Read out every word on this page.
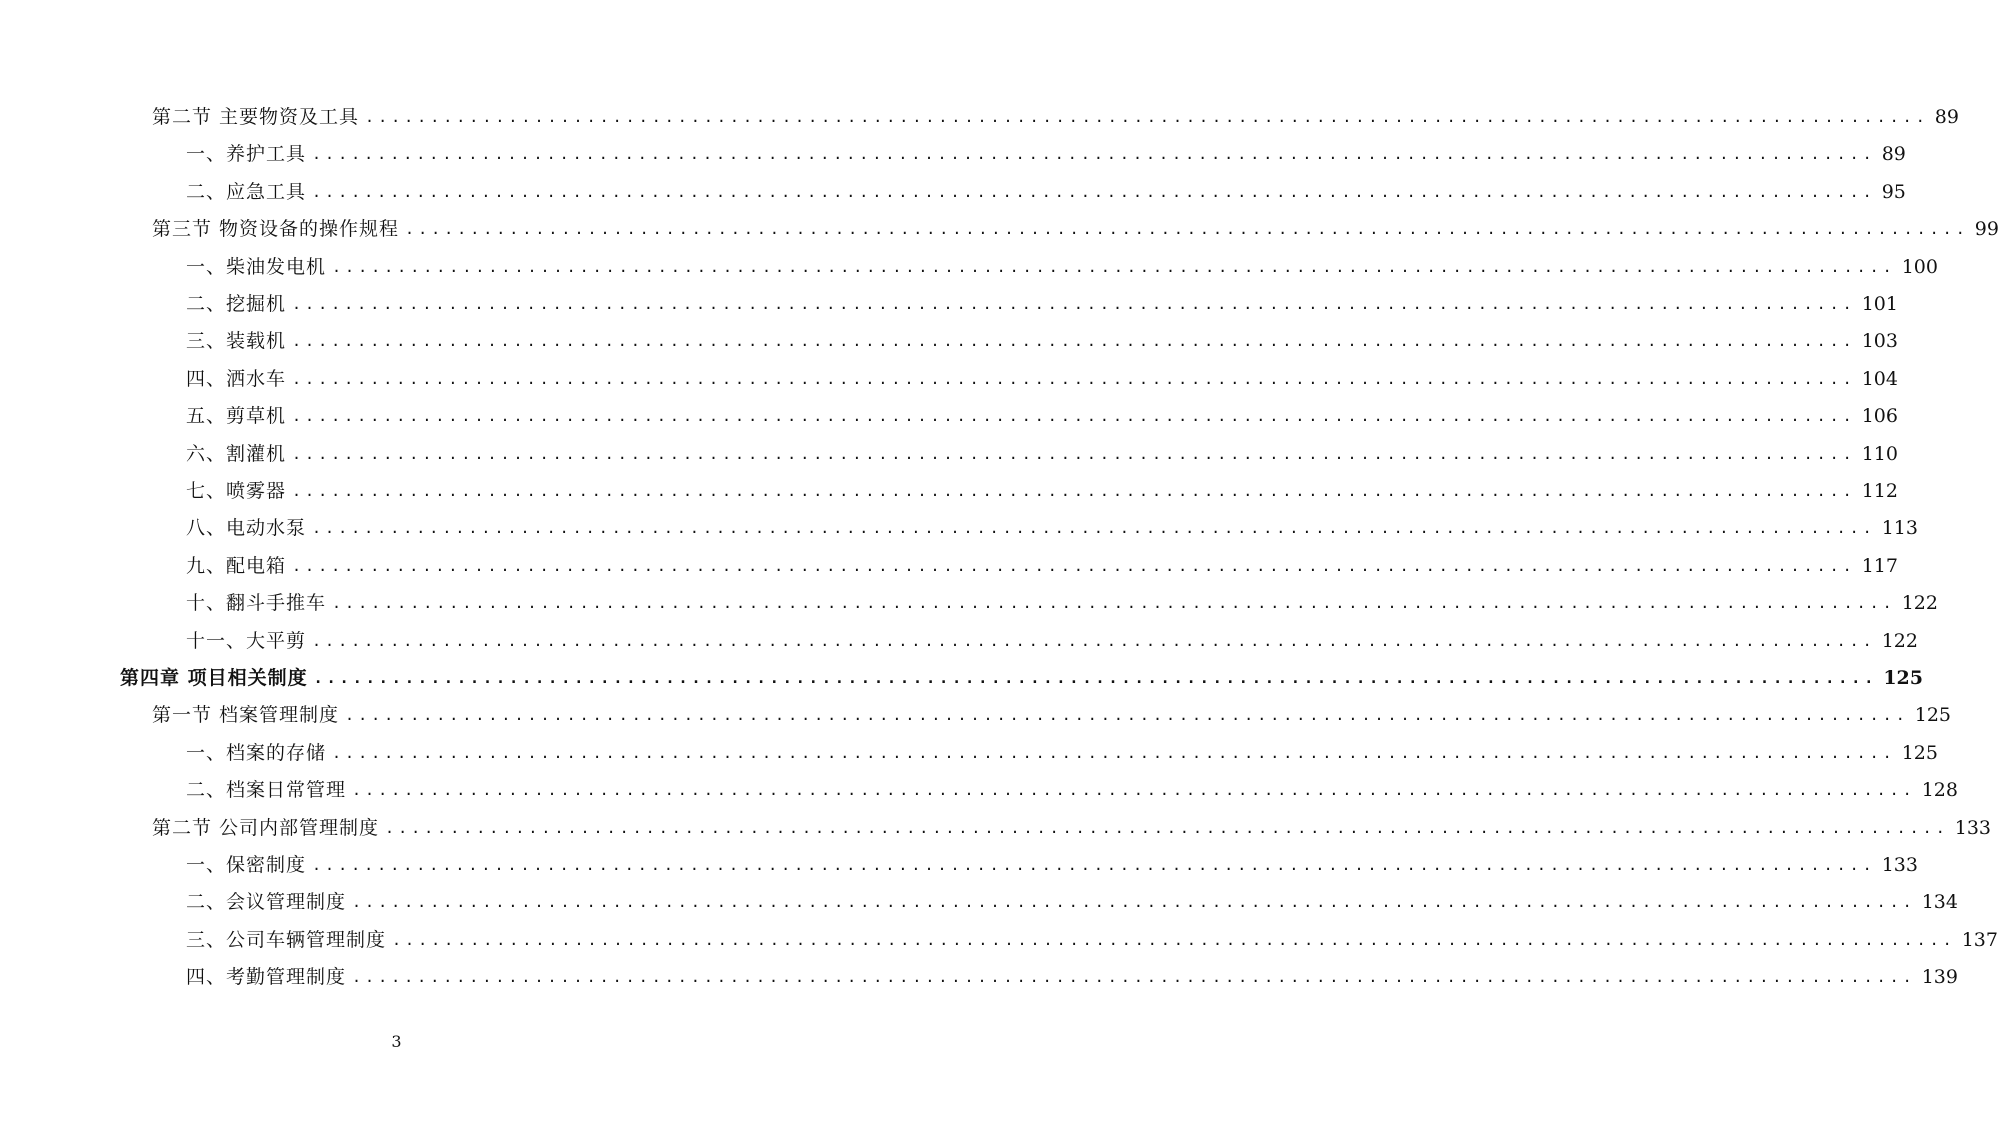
第二节 主要物资及工具 ........................................................................................................................ 89
一、养护工具 ........................................................................................................................ 89
二、应急工具 ........................................................................................................................ 95
第三节 物资设备的操作规程 ........................................................................................................................ 99
一、柴油发电机 ........................................................................................................................ 100
二、挖掘机 ........................................................................................................................ 101
三、装载机 ........................................................................................................................ 103
四、洒水车 ........................................................................................................................ 104
五、剪草机 ........................................................................................................................ 106
六、割灌机 ........................................................................................................................ 110
七、喷雾器 ........................................................................................................................ 112
八、电动水泵 ........................................................................................................................ 113
九、配电箱 ........................................................................................................................ 117
十、翻斗手推车 ........................................................................................................................ 122
十一、大平剪 ........................................................................................................................ 122
第四章 项目相关制度 ........................................................................................................................ 125
第一节 档案管理制度 ........................................................................................................................ 125
一、档案的存储 ........................................................................................................................ 125
二、档案日常管理 ........................................................................................................................ 128
第二节 公司内部管理制度 ........................................................................................................................ 133
一、保密制度 ........................................................................................................................ 133
二、会议管理制度 ........................................................................................................................ 134
三、公司车辆管理制度 ........................................................................................................................ 137
四、考勤管理制度 ........................................................................................................................ 139
3
